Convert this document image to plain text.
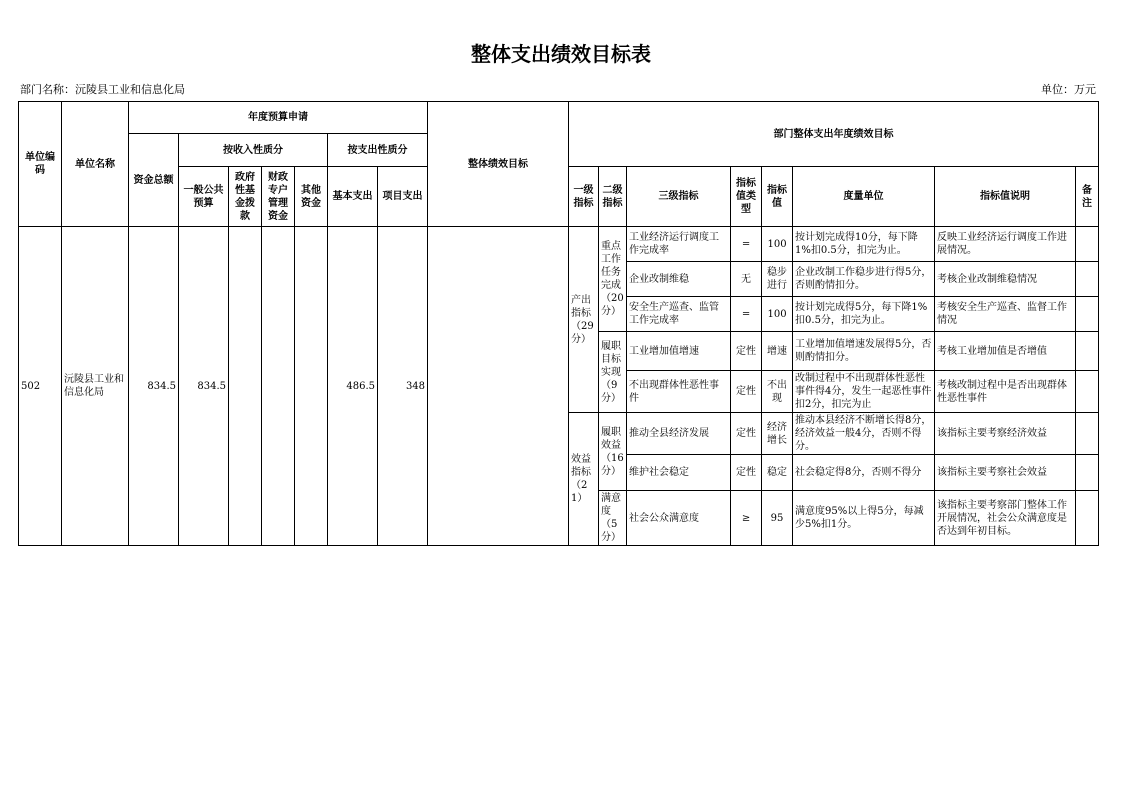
整体支出绩效目标表
部门名称：沅陵县工业和信息化局	单位：万元
单位编码	单位名称	年度预算申请							整体绩效目标	部门整体支出年度绩效目标							
		资金总额	按收入性质分				按支出性质分										
			一般公共预算	政府性基金拨款	财政专户管理资金	其他资金	基本支出	项目支出		一级指标	二级指标	三级指标	指标值类型	指标值	度量单位	指标值说明	备注
502	沅陵县工业和信息化局	834.5	834.5				486.5	348		产出指标（29分）	重点工作任务完成（20分）	工业经济运行调度工作完成率	=	100	按计划完成得10分，每下降1%扣0.5分，扣完为止。	反映工业经济运行调度工作进展情况。	
												企业改制维稳	无	稳步进行	企业改制工作稳步进行得5分，否则酌情扣分。	考核企业改制维稳情况	
												安全生产巡查、监管工作完成率	=	100	按计划完成得5分，每下降1%扣0.5分，扣完为止。	考核安全生产巡查、监督工作情况	
											履职目标实现（9分）	工业增加值增速	定性	增速	工业增加值增速发展得5分，否则酌情扣分。	考核工业增加值是否增值	
												不出现群体性恶性事件	定性	不出现	改制过程中不出现群体性恶性事件得4分，发生一起恶性事件扣2分，扣完为止	考核改制过程中是否出现群体性恶性事件	
										效益指标（21）	履职效益（16分）	推动全县经济发展	定性	经济增长	推动本县经济不断增长得8分，经济效益一般4分，否则不得分。	该指标主要考察经济效益	
												维护社会稳定	定性	稳定	社会稳定得8分，否则不得分	该指标主要考察社会效益	
											满意度（5分）	社会公众满意度	≥	95	满意度95%以上得5分，每减少5%扣1分。	该指标主要考察部门整体工作开展情况，社会公众满意度是否达到年初目标。	
